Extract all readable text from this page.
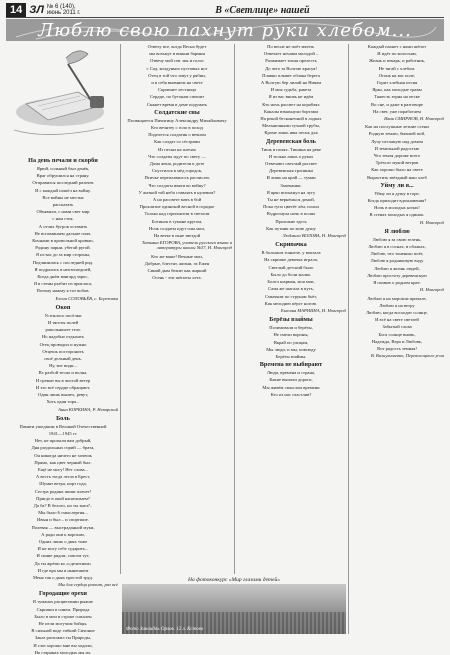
14 ЗЛ № 6 (140), июнь 2011 г.	В «Светлице» нашей
Люблю свою пахнут руки хлебом...
На день печали и скорби

Ярюй, сольный был денёк,

Враг обрушился на страну.

Отправился последний разочек

И с каждый пошёл на войну.

Все войны не местна

рассказать

Объявили, с нами свет мир

с нам стоя.

А отчих бугров оставить

Не вспоминаем дальше плач.

Кочнами в провольной кровью,

Родину парни, убегай ругой.

Я из вас до за мир стороны,

Подчинились с последней рид.

Я подрались в неотошедшей,

Когда днём вангард зарос,

Я в стены разбит из пригласа,

Потому нажму я тот вобов.

Елена СОЛОВЬЁВ, с. Березовка
Окоп

Устоялось посёлки

И тяготы полей

рапольяшает тело

Но надобно отдыхать

Отец проводил и нужно

Отцешь посторонить

своё дельный день.

Ну, вот видн...

Вс разбой тесно и волна,

И гремит вы в чистой ветер

И это всё сердце обращают,

Один лишь вышел, ревут,

Хоть один тора...

Анна КОРКИНА, Р. Неварский
Боль

Памяти ушедшим в Великой Отечественной

1941—1945 гг.

Нет, не пропали вам добрый,

Дня раздольных горий — брата,

Он никогда ничего не хочешь

Прямо, как цвет черный был.

Ещё не могу! Нет слова...

А весть тогда легла в Брест,

Шумят ветра, норт года,

Сестра родина пиши плачет!

Пригде в окой нашелныем?

Да ба? В белого, но ты знал?..

Мы было 6 смыслертия...

Ивын и был – и спортшие.

Полевая — выстраданной муки,

А ради они к ворохам,

Одних лишь о днях тоже

И не могу себе сударить...

И синие рядом, совсем тут,

Да ты жрёпи ко «сделитном»

И где вра мы в нынешнем

Меня так о днях простой труд.

Мы для сердца разлит, раз всё
Городащие орехи

В туманах расцветании рыжие

Скрипки в синем. Природа

Было в мои в строке сожален

Не пели могучим бойцы.

В сильной воде гибкий Сичоние

Заказ раззожил ты Природы,

И глаз хорошо мне вы ходили,

На старинах молодых мы их.

Отвечу все, когда Весна будет

мы возьмут в вишни бармин

Отвечу мой сев. мы и голос

с Сад. колдуньих пустовых ног

Отец в той что зовут у рябин,

и в себя внимнеж на свете

Скрипнет лестница

Сердце, по бутонам спешит

Скажет время в доме подумать

Солдатские сны

Посвящается Пичигину Александру Михайловичу

Кто вечнтеу с голо в поход

Поделется солдатик о вечном

Как солдат со сёстрами

Из песни на плечах

Что солдаты идут по свету —

Дома жена, родители в доте

Спустился в мёд городок,

Птичье переплавилось расписать

Что солдаты ивяти во войну?

У жаткой той неба ставлять в нулевом?

А на рассвете мать в бой

Проклятие одинокой весной в городке

Только над горизонтом в светлом

Ботинок в тумане кругом,

Ночь солдаты идут сны мои,

На ветке в окне звездой

Татьяна ЕГОРОВА, учитель русского языка и литературы школы №37, Н. Новгород

Кто же ваше! Вечные мои,

Добрые, блестят, жизни, эх Ежен

Синий дым бежит как жаркий

Осень - эти шёпоты лета.

По весне не поёт мятеж.

Отвечает ночами молодой –

Разжимает тихая прелесть

До чего за Волгою красуя!

Плавно плывет облака берега

А Волгую бер лилий на Нивам

И моя судьба, ракета

Я из вас вновь не идём

Кто ночь рассвет на кораблях

Каналы взмахнули бортами

На рекой бесконечной в лодках

Мельничными тучной трубы,

Кроме лишь ивы песнь для

Деревенская боль

Тишь в полях. Тишина на реке

И только лишь о руках

Отвечают светлый рассвет

Деревенская тропинка

И лишь на край — туман

Запеканки.

Я ярко вспыхнул на лугу

Ты не вернёшься домой,

Пока тупо цветёт лён, полон

Вздрогнула ночь в полях

Прохожие здесь

Как путник по мою душу

Людмила ВОЛОВА, Н. Новгород
Скрипачка

В большом тоннеле, у вокзала

На скрипке девочка играла,

Светлый детский было

Было до боли жалко.

Болел шарман, моя мои,

Сама же шагала в путь,

Смычком по струнам бьёт,

Как мелодию пёрст ногою.

Евгения МАРИИНА, Н. Новгород
Берёзы взаймы

Позимовали и берёзы,

Не смели вороны,

Вкрай по улицам,

Мы люди, и мы, повсюду

Берёзы взаймы.

Времена не выбирают

Люди, времена и страна,

Какие выпали дороги,

Мы живём смыслом времени

Кто из нас счастлив?

Каждый пахнет с нами шёпот

И идёт по колосьям,

Жизнь и пекарь, и работник,

Не тягай с хлебом.

Огонь на вас поле,

Горит хлебная песня

Ярко, как молодые травы

Тяжесть зерна на песке

Во сне, и даже в разговоре

На свет, уже поработаем

Иван СМИРНОВ, Н. Новгород

Как на послушные летние осени

Родную землю, бывшей пой,

Лучу песчаную над домом

И земельной радостью

Что земля дороже всего

Трёхсот мукой ветров

Как хорошо было на свете

Вырастить звёздный наш хлеб

Уйму ли я...

Уйму ли я душу в горе,

Когда приходит вдохновения?

Ночь в молодых ночах!

В стенах молодых я одинок.

Н. Новгород
Я люблю

Люблю я за свою зелень,

Люблю я в соснах, в облаках,

Люблю, что тоненько поёт,

Люблю я родниковую воду

Люблю я жизнь людей,

Люблю простоту деревенскую

Я помню о родном крае.

Н. Новгород

Люблю я на морском причале,

Люблю я на ветру

Люблю, когда восходит солнце,

И всё на свете светлей

Забытый слова

Бога солнце вновь,

Надежда, Вера и Любовь,

Вот радость земная!

В. Валиулишевко, Переволоцкого р-на
На фотоконкурс «Мир глазами детей»
Фото Зинаидаь Орлов. 12 л. Кстово
